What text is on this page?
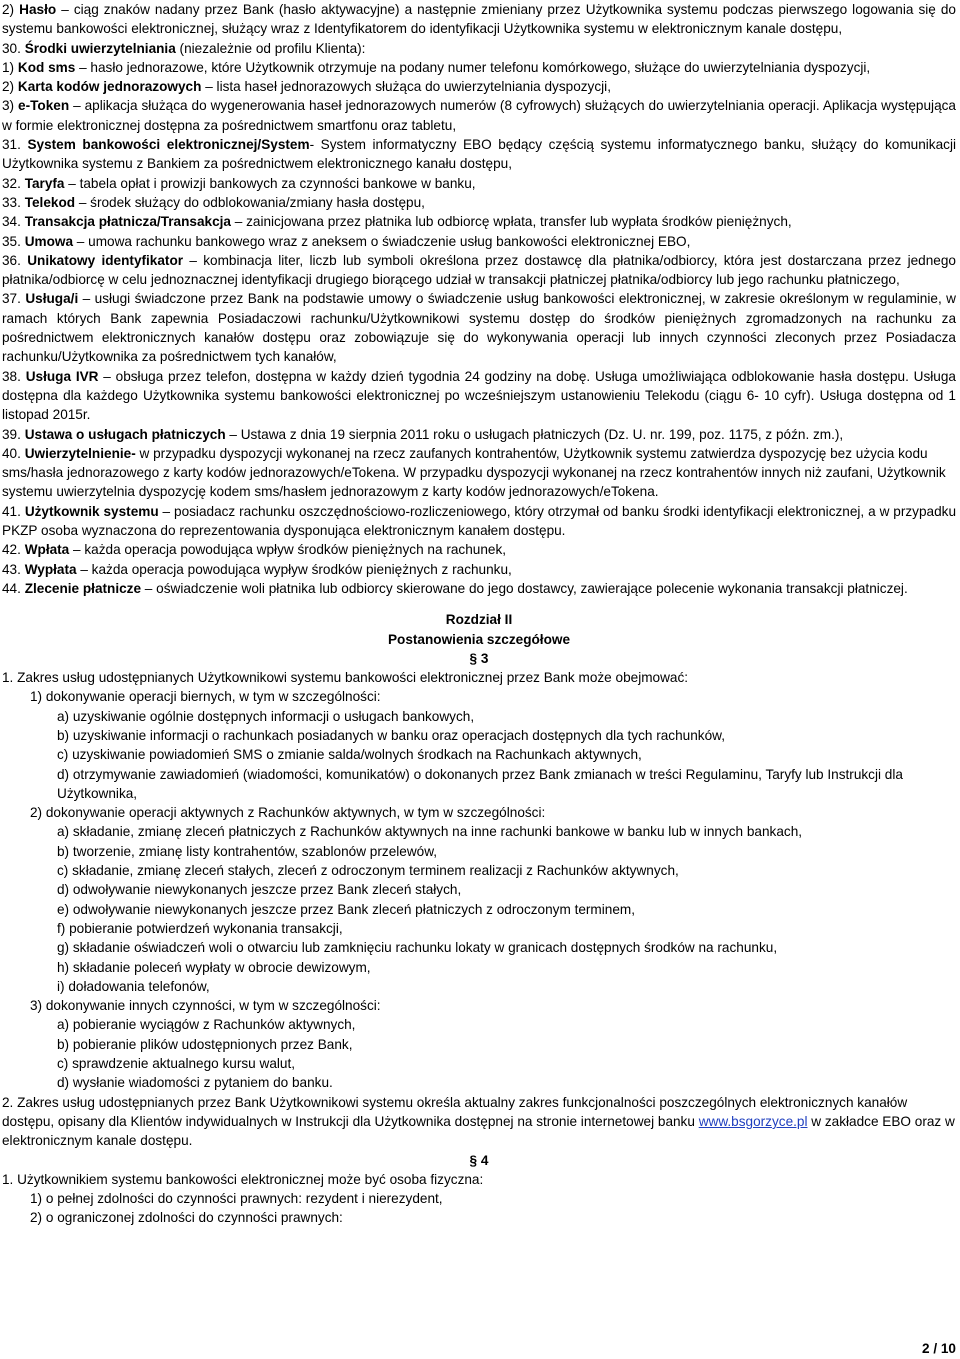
2) Hasło – ciąg znaków nadany przez Bank (hasło aktywacyjne) a następnie zmieniany przez Użytkownika systemu podczas pierwszego logowania się do systemu bankowości elektronicznej, służący wraz z Identyfikatorem do identyfikacji Użytkownika systemu w elektronicznym kanale dostępu,

30. Środki uwierzytelniania (niezależnie od profilu Klienta):

1) Kod sms – hasło jednorazowe, które Użytkownik otrzymuje na podany numer telefonu komórkowego, służące do uwierzytelniania dyspozycji,

2) Karta kodów jednorazowych – lista haseł jednorazowych służąca do uwierzytelniania dyspozycji,

3) e-Token – aplikacja służąca do wygenerowania haseł jednorazowych numerów (8 cyfrowych) służących do uwierzytelniania operacji. Aplikacja występująca w formie elektronicznej dostępna za pośrednictwem smartfonu oraz tabletu,

31. System bankowości elektronicznej/System- System informatyczny EBO będący częścią systemu informatycznego banku, służący do komunikacji Użytkownika systemu z Bankiem za pośrednictwem elektronicznego kanału dostępu,

32. Taryfa – tabela opłat i prowizji bankowych za czynności bankowe w banku,

33. Telekod – środek służący do odblokowania/zmiany hasła dostępu,

34. Transakcja płatnicza/Transakcja – zainicjowana przez płatnika lub odbiorcę wpłata, transfer lub wypłata środków pieniężnych,

35. Umowa – umowa rachunku bankowego wraz z aneksem o świadczenie usług bankowości elektronicznej EBO,

36. Unikatowy identyfikator – kombinacja liter, liczb lub symboli określona przez dostawcę dla płatnika/odbiorcy, która jest dostarczana przez jednego płatnika/odbiorcę w celu jednoznacznej identyfikacji drugiego biorącego udział w transakcji płatniczej płatnika/odbiorcy lub jego rachunku płatniczego,

37. Usługa/i – usługi świadczone przez Bank na podstawie umowy o świadczenie usług bankowości elektronicznej, w zakresie określonym w regulaminie, w ramach których Bank zapewnia Posiadaczowi rachunku/Użytkownikowi systemu dostęp do środków pieniężnych zgromadzonych na rachunku za pośrednictwem elektronicznych kanałów dostępu oraz zobowiązuje się do wykonywania operacji lub innych czynności zleconych przez Posiadacza rachunku/Użytkownika za pośrednictwem tych kanałów,

38. Usługa IVR – obsługa przez telefon, dostępna w każdy dzień tygodnia 24 godziny na dobę. Usługa umożliwiająca odblokowanie hasła dostępu. Usługa dostępna dla każdego Użytkownika systemu bankowości elektronicznej po wcześniejszym ustanowieniu Telekodu (ciągu 6- 10 cyfr). Usługa dostępna od 1 listopad 2015r.

39. Ustawa o usługach płatniczych – Ustawa z dnia 19 sierpnia 2011 roku o usługach płatniczych (Dz. U. nr. 199, poz. 1175, z późn. zm.),

40. Uwierzytelnienie- w przypadku dyspozycji wykonanej na rzecz zaufanych kontrahentów, Użytkownik systemu zatwierdza dyspozycję bez użycia kodu sms/hasła jednorazowego z karty kodów jednorazowych/eTokena. W przypadku dyspozycji wykonanej na rzecz kontrahentów innych niż zaufani, Użytkownik systemu uwierzytelnia dyspozycję kodem sms/hasłem jednorazowym z karty kodów jednorazowych/eTokena.

41. Użytkownik systemu – posiadacz rachunku oszczędnościowo-rozliczeniowego, który otrzymał od banku środki identyfikacji elektronicznej, a w przypadku PKZP osoba wyznaczona do reprezentowania dysponująca elektronicznym kanałem dostępu.

42. Wpłata – każda operacja powodująca wpływ środków pieniężnych na rachunek,

43. Wypłata – każda operacja powodująca wypływ środków pieniężnych z rachunku,

44. Zlecenie płatnicze – oświadczenie woli płatnika lub odbiorcy skierowane do jego dostawcy, zawierające polecenie wykonania transakcji płatniczej.

Rozdział II

Postanowienia szczegółowe

§ 3

1. Zakres usług udostępnianych Użytkownikowi systemu bankowości elektronicznej przez Bank może obejmować:

1) dokonywanie operacji biernych, w tym w szczególności:

a) uzyskiwanie ogólnie dostępnych informacji o usługach bankowych,

b) uzyskiwanie informacji o rachunkach posiadanych w banku oraz operacjach dostępnych dla tych rachunków,

c) uzyskiwanie powiadomień SMS o zmianie salda/wolnych środkach na Rachunkach aktywnych,

d) otrzymywanie zawiadomień (wiadomości, komunikatów) o dokonanych przez Bank zmianach w treści Regulaminu, Taryfy lub Instrukcji dla Użytkownika,

2) dokonywanie operacji aktywnych z Rachunków aktywnych, w tym w szczególności:

a) składanie, zmianę zleceń płatniczych z Rachunków aktywnych na inne rachunki bankowe w banku lub w innych bankach,

b) tworzenie, zmianę listy kontrahentów, szablonów przelewów,

c) składanie, zmianę zleceń stałych, zleceń z odroczonym terminem realizacji z Rachunków aktywnych,

d) odwoływanie niewykonanych jeszcze przez Bank zleceń stałych,

e) odwoływanie niewykonanych jeszcze przez Bank zleceń płatniczych z odroczonym terminem,

f) pobieranie potwierdzeń wykonania transakcji,

g) składanie oświadczeń woli o otwarciu lub zamknięciu rachunku lokaty w granicach dostępnych środków na rachunku,

h) składanie poleceń wypłaty w obrocie dewizowym,

i) doładowania telefonów,

3) dokonywanie innych czynności, w tym w szczególności:

a) pobieranie wyciągów z Rachunków aktywnych,

b) pobieranie plików udostępnionych przez Bank,

c) sprawdzenie aktualnego kursu walut,

d) wysłanie wiadomości z pytaniem do banku.

2. Zakres usług udostępnianych przez Bank Użytkownikowi systemu określa aktualny zakres funkcjonalności poszczególnych elektronicznych kanałów dostępu, opisany dla Klientów indywidualnych w Instrukcji dla Użytkownika dostępnej na stronie internetowej banku www.bsgorzyce.pl w zakładce EBO oraz w elektronicznym kanale dostępu.

§ 4

1. Użytkownikiem systemu bankowości elektronicznej może być osoba fizyczna:

1) o pełnej zdolności do czynności prawnych: rezydent i nierezydent,

2) o ograniczonej zdolności do czynności prawnych:

2 / 10
